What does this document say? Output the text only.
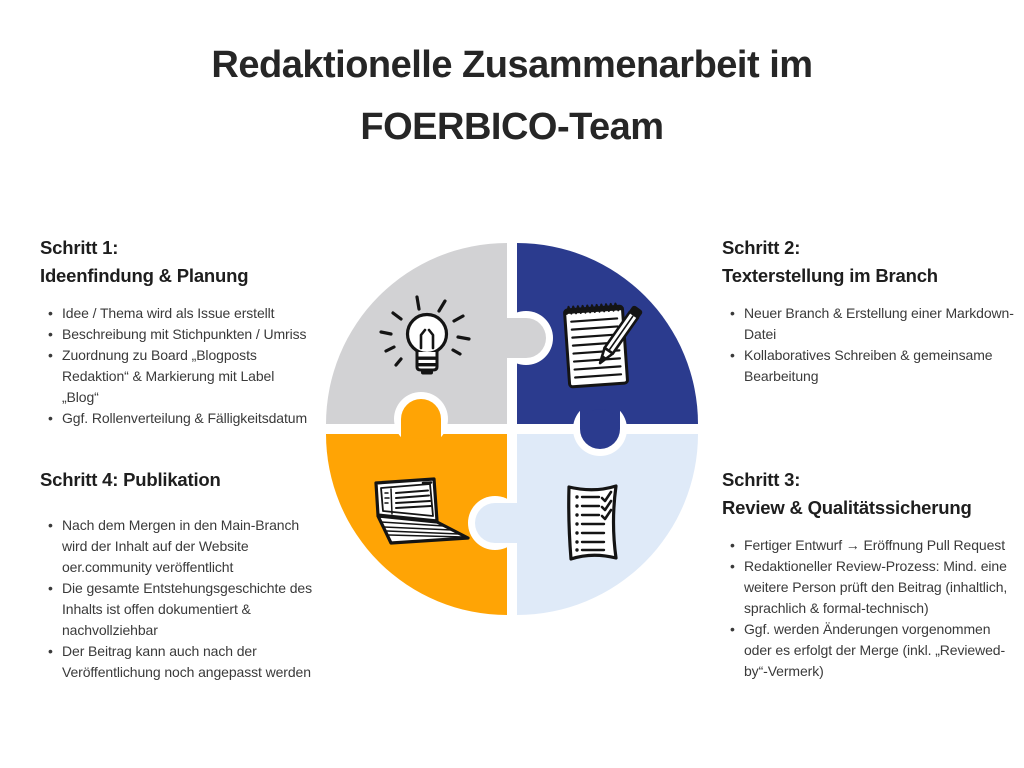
Redaktionelle Zusammenarbeit im
FOERBICO-Team
Schritt 1:
Ideenfindung & Planung
• Idee / Thema wird als Issue erstellt
• Beschreibung mit Stichpunkten / Umriss
• Zuordnung zu Board „Blogposts Redaktion“ & Markierung mit Label „Blog“
• Ggf. Rollenverteilung & Fälligkeitsdatum
Schritt 2:
Texterstellung im Branch
• Neuer Branch & Erstellung einer Markdown-Datei
• Kollaboratives Schreiben & gemeinsame Bearbeitung
Schritt 3:
Review & Qualitätssicherung
• Fertiger Entwurf → Eröffnung Pull Request
• Redaktioneller Review-Prozess: Mind. eine weitere Person prüft den Beitrag (inhaltlich, sprachlich & formal-technisch)
• Ggf. werden Änderungen vorgenommen oder es erfolgt der Merge (inkl. „Reviewed-by“-Vermerk)
Schritt 4: Publikation
• Nach dem Mergen in den Main-Branch wird der Inhalt auf der Website oer.community veröffentlicht
• Die gesamte Entstehungsgeschichte des Inhalts ist offen dokumentiert & nachvollziehbar
• Der Beitrag kann auch nach der Veröffentlichung noch angepasst werden
